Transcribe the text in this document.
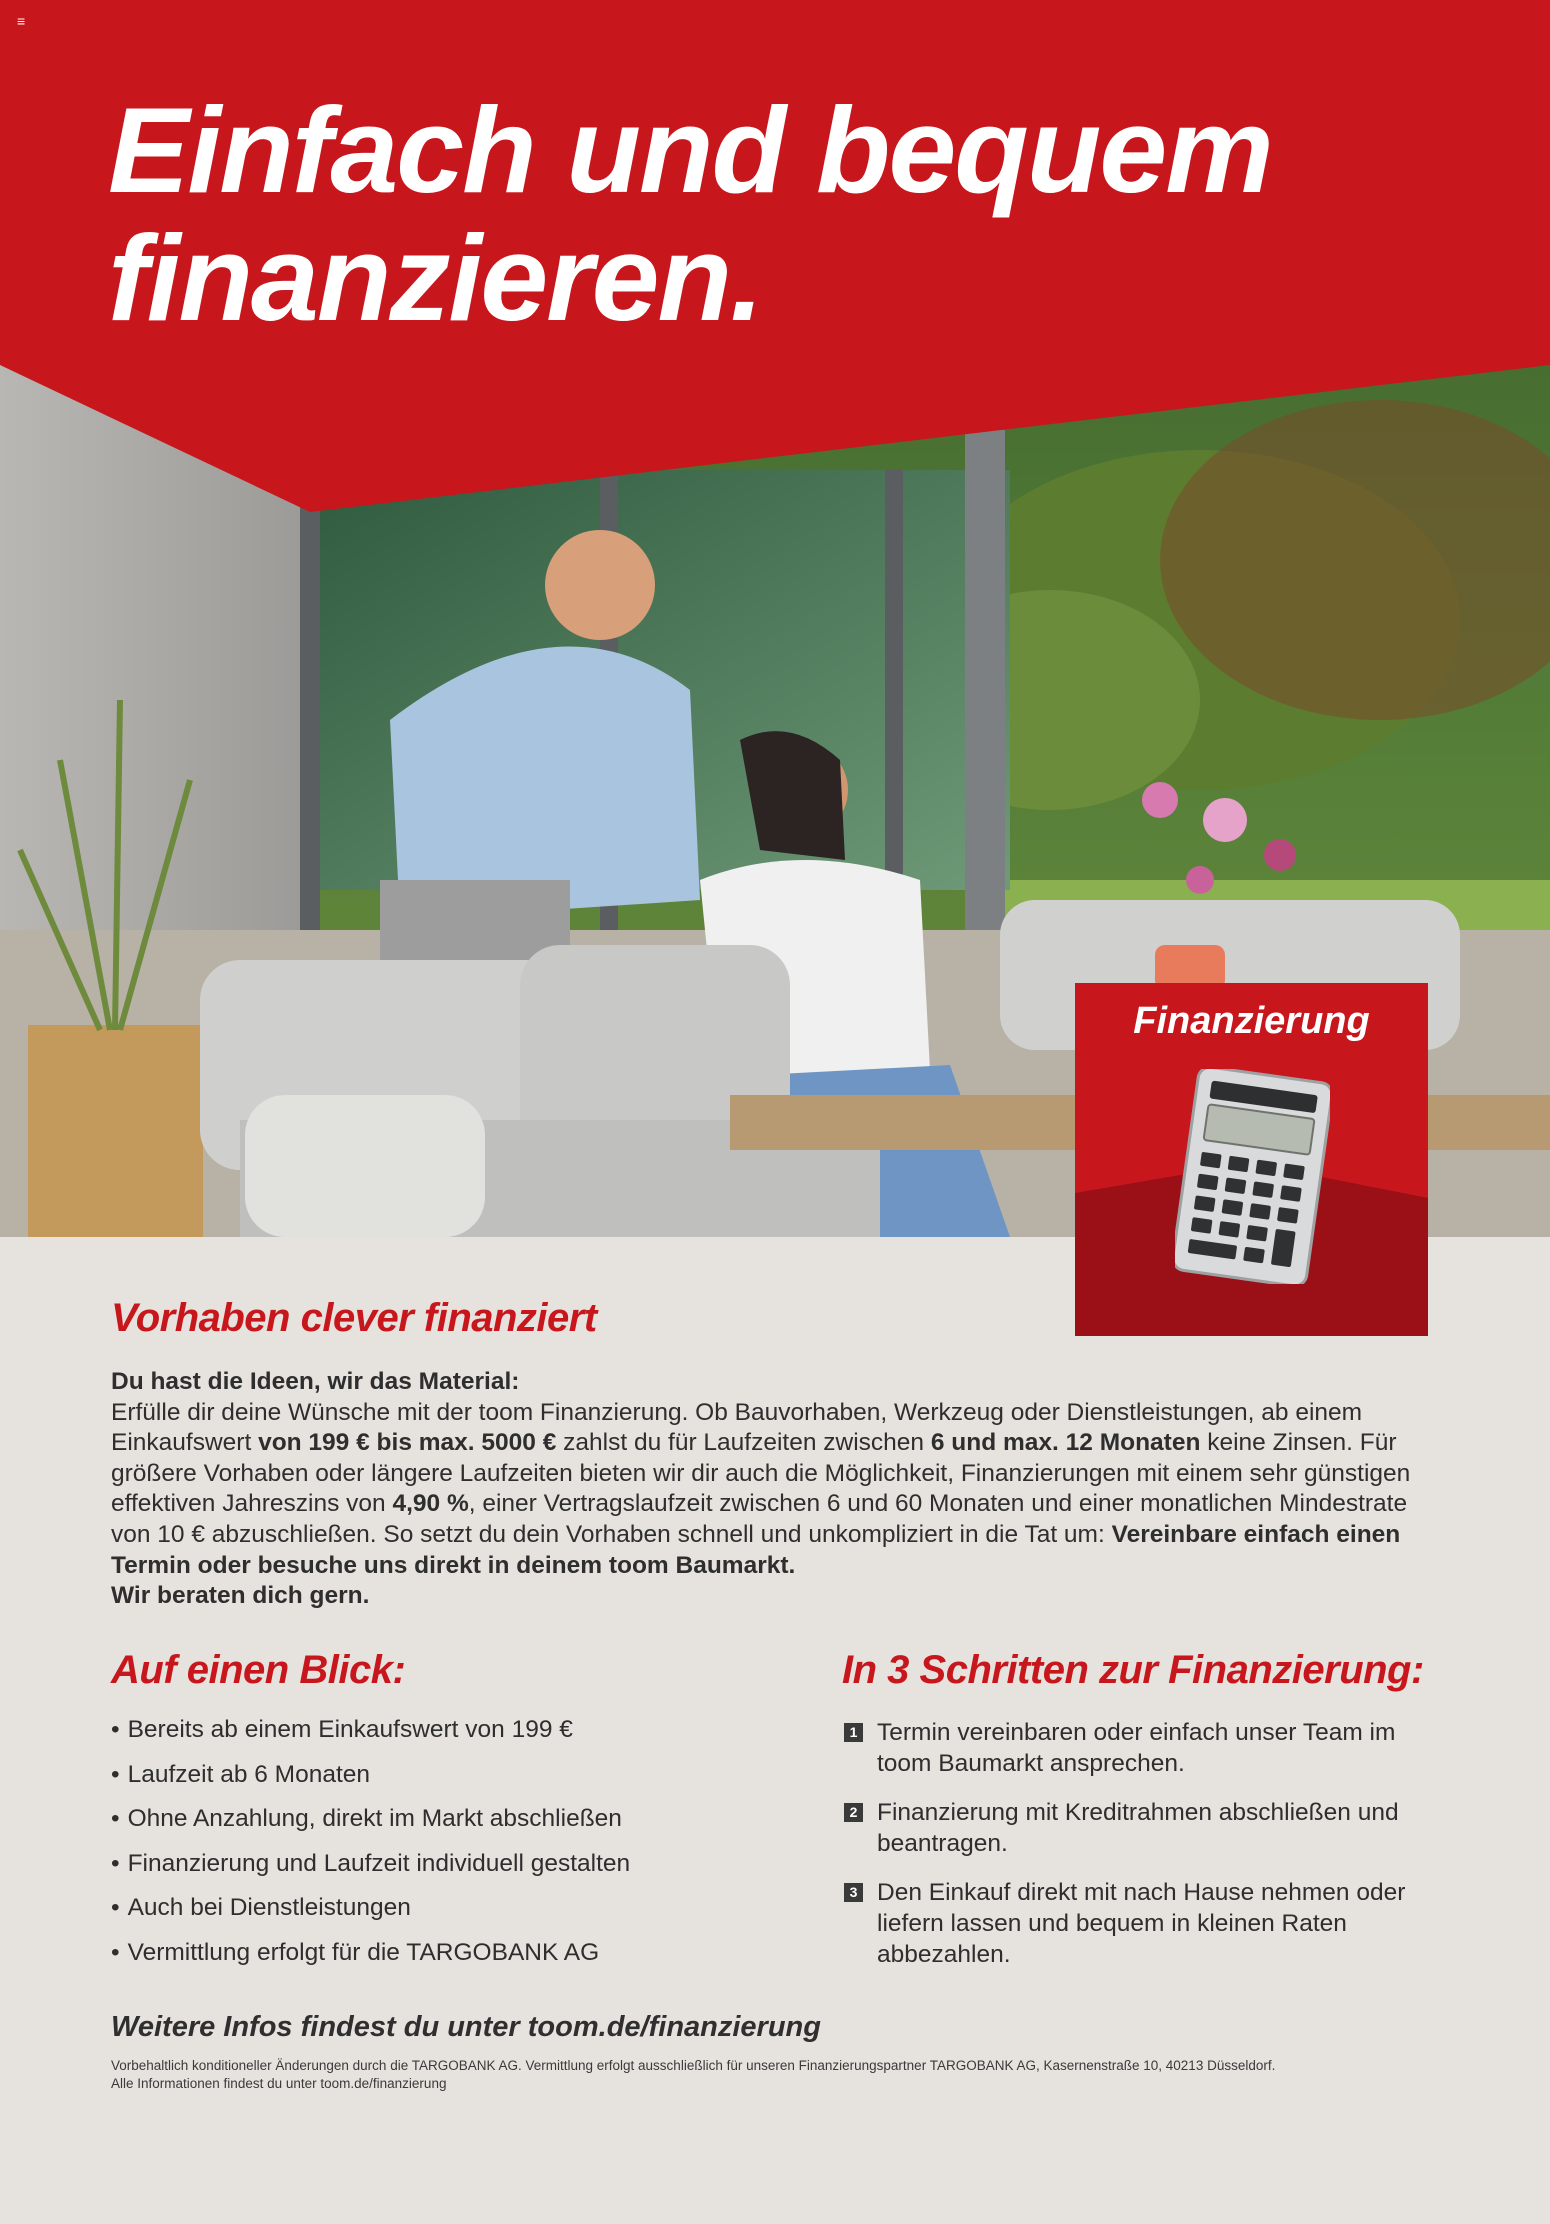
≡
Einfach und bequem
finanzieren.
Finanzierung
Vorhaben clever finanziert
Du hast die Ideen, wir das Material:
Erfülle dir deine Wünsche mit der toom Finanzierung. Ob Bauvorhaben, Werkzeug oder Dienstleistungen, ab einem Einkaufswert von 199 € bis max. 5000 € zahlst du für Laufzeiten zwischen 6 und max. 12 Monaten keine Zinsen. Für größere Vorhaben oder längere Laufzeiten bieten wir dir auch die Möglichkeit, Finanzierungen mit einem sehr günstigen effektiven Jahreszins von 4,90 %, einer Vertragslaufzeit zwischen 6 und 60 Monaten und einer monatlichen Mindestrate von 10 € abzuschließen. So setzt du dein Vorhaben schnell und unkompliziert in die Tat um: Vereinbare einfach einen Termin oder besuche uns direkt in deinem toom Baumarkt.
Wir beraten dich gern.
Auf einen Blick:
• Bereits ab einem Einkaufswert von 199 €
• Laufzeit ab 6 Monaten
• Ohne Anzahlung, direkt im Markt abschließen
• Finanzierung und Laufzeit individuell gestalten
• Auch bei Dienstleistungen
• Vermittlung erfolgt für die TARGOBANK AG
In 3 Schritten zur Finanzierung:
1 Termin vereinbaren oder einfach unser Team im toom Baumarkt ansprechen.
2 Finanzierung mit Kreditrahmen abschließen und beantragen.
3 Den Einkauf direkt mit nach Hause nehmen oder liefern lassen und bequem in kleinen Raten abbezahlen.

Weitere Infos findest du unter toom.de/finanzierung

Vorbehaltlich konditioneller Änderungen durch die TARGOBANK AG. Vermittlung erfolgt ausschließlich für unseren Finanzierungspartner TARGOBANK AG, Kasernenstraße 10, 40213 Düsseldorf.
Alle Informationen findest du unter toom.de/finanzierung
